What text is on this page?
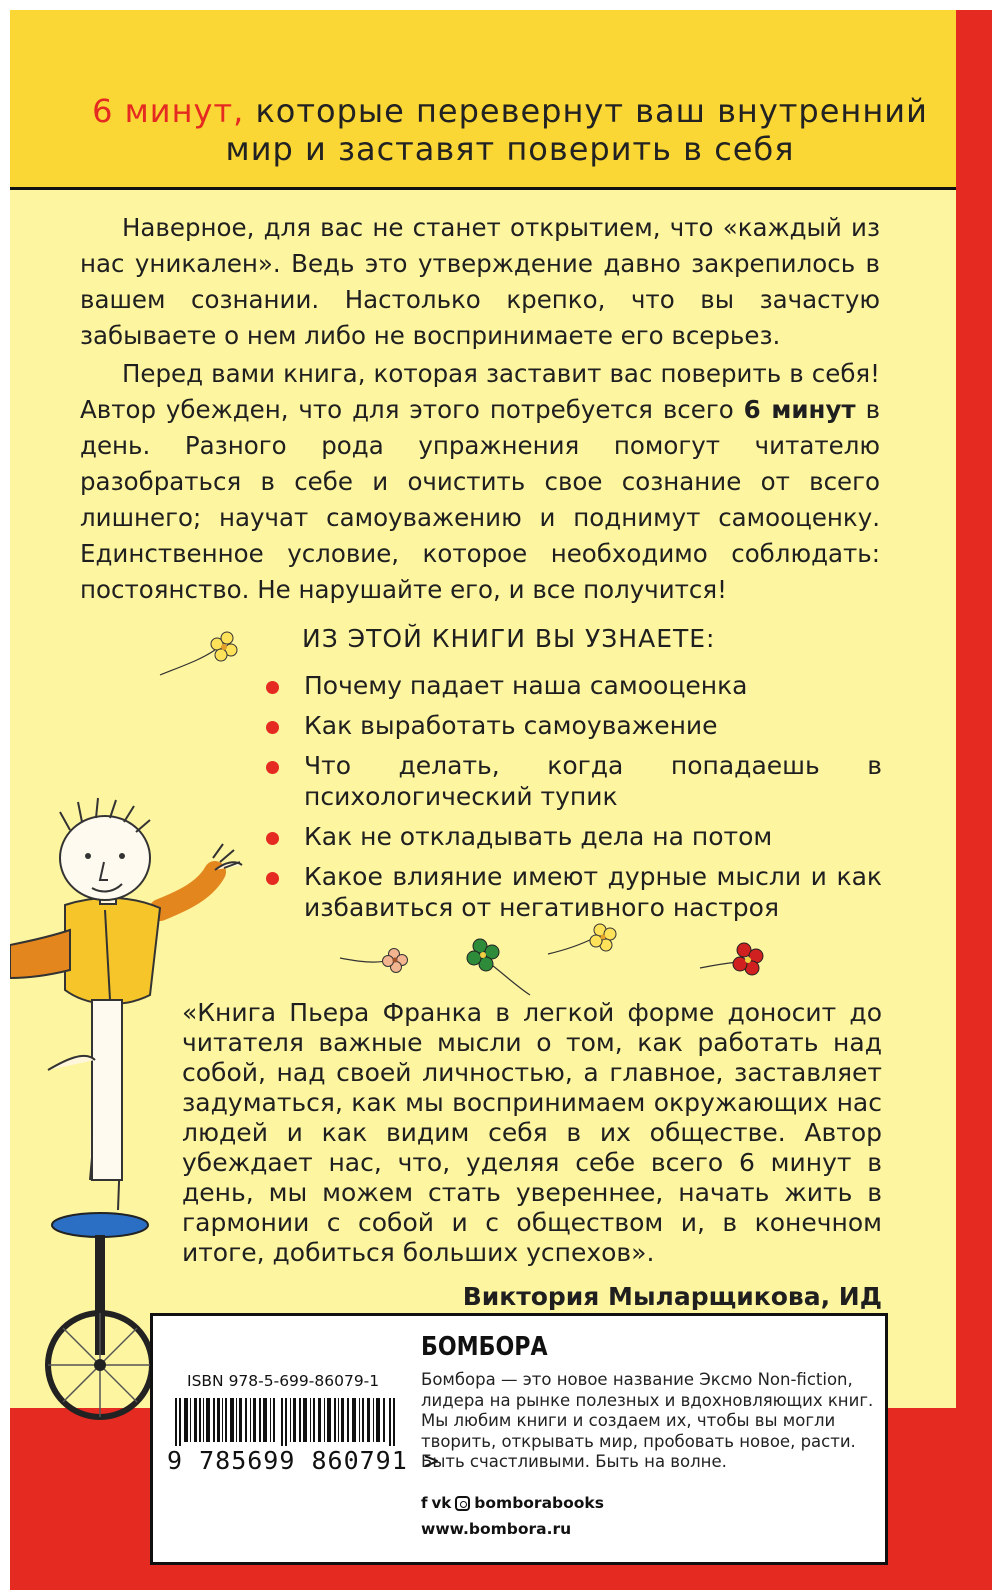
6 минут, которые перевернут ваш внутренний
мир и заставят поверить в себя

Наверное, для вас не станет открытием, что «каждый из нас уникален». Ведь это утверждение давно закрепилось в вашем сознании. Настолько крепко, что вы зачастую забываете о нем либо не воспринимаете его всерьез.

Перед вами книга, которая заставит вас поверить в себя! Автор убежден, что для этого потребуется всего 6 минут в день. Разного рода упражнения помогут читателю разобраться в себе и очистить свое сознание от всего лишнего; научат самоуважению и поднимут самооценку. Единственное условие, которое необходимо соблюдать: постоянство. Не нарушайте его, и все получится!

ИЗ ЭТОЙ КНИГИ ВЫ УЗНАЕТЕ:
Почему падает наша самооценка
Как выработать самоуважение
Что делать, когда попадаешь в психологический тупик
Как не откладывать дела на потом
Какое влияние имеют дурные мысли и как избавиться от негативного настроя

«Книга Пьера Франка в легкой форме доносит до читателя важные мысли о том, как работать над собой, над своей личностью, а главное, заставляет задуматься, как мы воспринимаем окружающих нас людей и как видим себя в их обществе. Автор убеждает нас, что, уделяя себе всего 6 минут в день, мы можем стать увереннее, начать жить в гармонии с собой и с обществом и, в конечном итоге, добиться больших успехов».

Виктория Мыларщикова, ИД

БОМБОРА
ISBN 978-5-699-86079-1
9 785699 860791 >

Бомбора — это новое название Эксмо Non-fiction, лидера на рынке полезных и вдохновляющих книг. Мы любим книги и создаем их, чтобы вы могли творить, открывать мир, пробовать новое, расти. Быть счастливыми. Быть на волне.

f vk bomborabooks
www.bombora.ru
